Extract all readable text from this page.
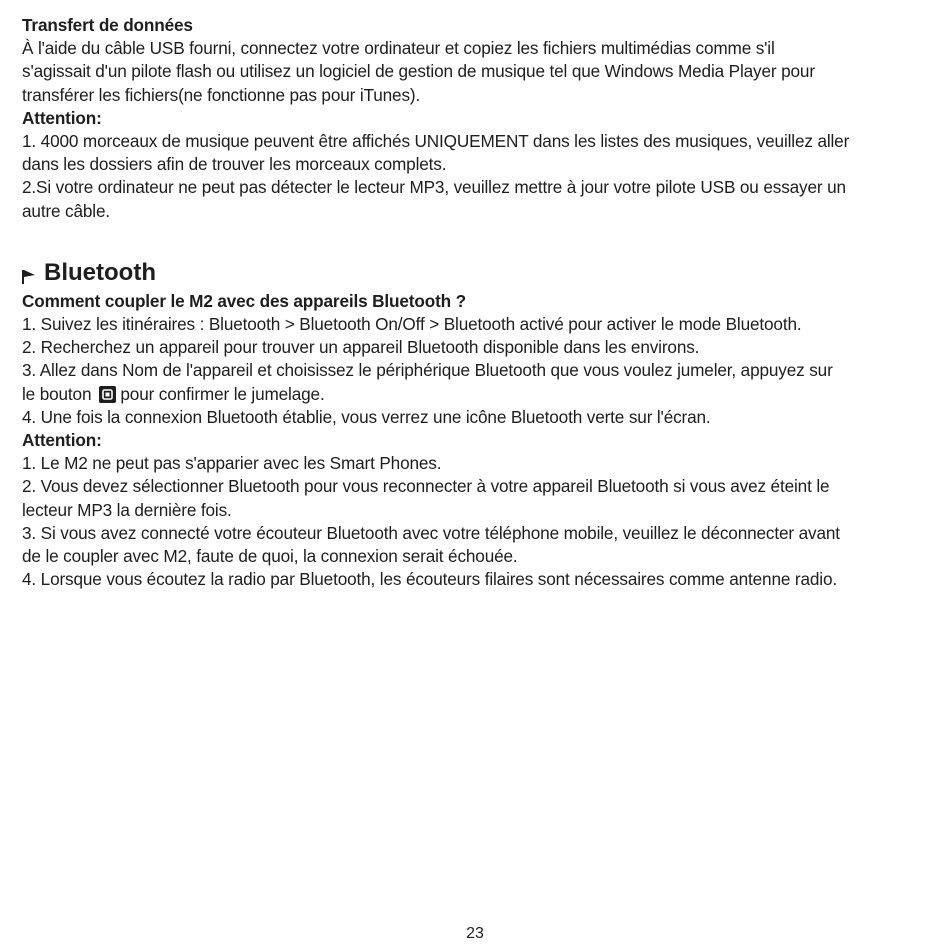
Transfert de données
À l'aide du câble USB fourni, connectez votre ordinateur et copiez les fichiers multimédias comme s'il
s'agissait d'un pilote flash ou utilisez un logiciel de gestion de musique tel que Windows Media Player pour
transférer les fichiers(ne fonctionne pas pour iTunes).
Attention:
1. 4000 morceaux de musique peuvent être affichés UNIQUEMENT dans les listes des musiques, veuillez aller
dans les dossiers afin de trouver les morceaux complets.
2.Si votre ordinateur ne peut pas détecter le lecteur MP3, veuillez mettre à jour votre pilote USB ou essayer un
autre câble.
Bluetooth
Comment coupler le M2 avec des appareils Bluetooth ?
1. Suivez les itinéraires : Bluetooth > Bluetooth On/Off > Bluetooth activé pour activer le mode Bluetooth.
2. Recherchez un appareil pour trouver un appareil Bluetooth disponible dans les environs.
3. Allez dans Nom de l'appareil et choisissez le périphérique Bluetooth que vous voulez jumeler, appuyez sur
le bouton pour confirmer le jumelage.
4. Une fois la connexion Bluetooth établie, vous verrez une icône Bluetooth verte sur l'écran.
Attention:
1. Le M2 ne peut pas s'apparier avec les Smart Phones.
2. Vous devez sélectionner Bluetooth pour vous reconnecter à votre appareil Bluetooth si vous avez éteint le
lecteur MP3 la dernière fois.
3. Si vous avez connecté votre écouteur Bluetooth avec votre téléphone mobile, veuillez le déconnecter avant
de le coupler avec M2, faute de quoi, la connexion serait échouée.
4. Lorsque vous écoutez la radio par Bluetooth, les écouteurs filaires sont nécessaires comme antenne radio.
23
